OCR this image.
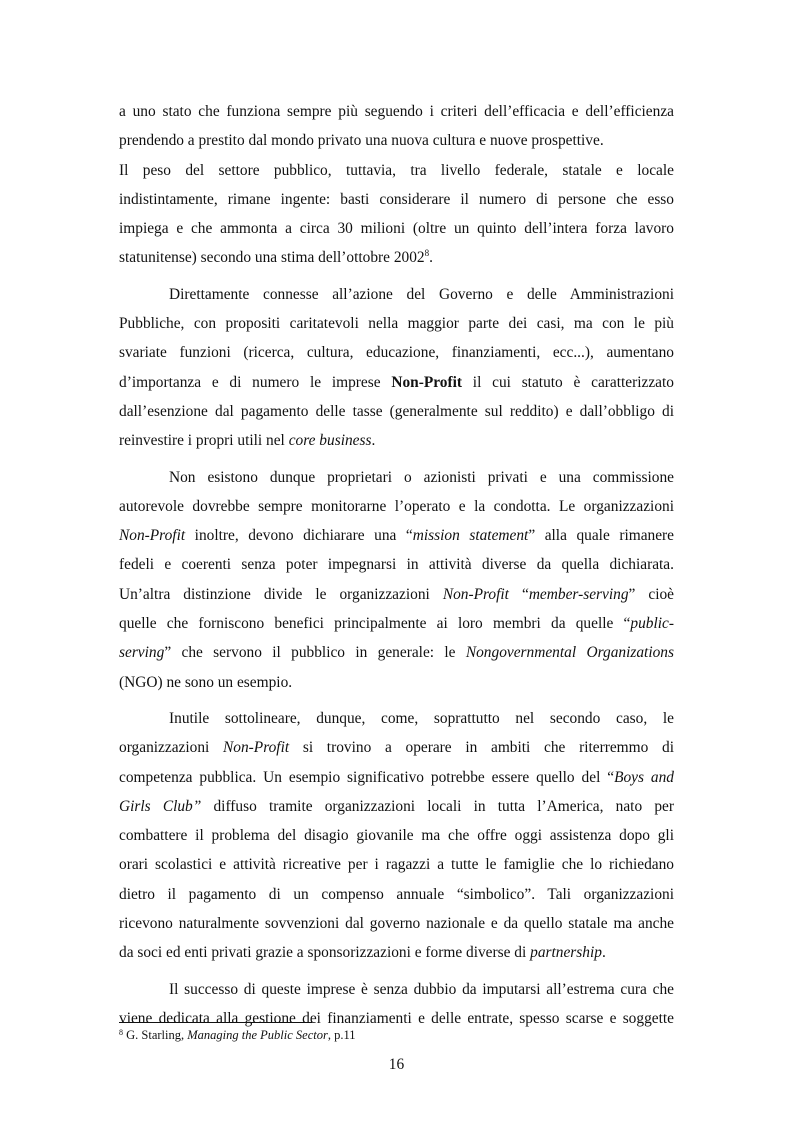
a uno stato che funziona sempre più seguendo i criteri dell’efficacia e dell’efficienza
prendendo a prestito dal mondo privato una nuova cultura e nuove prospettive.
Il peso del settore pubblico, tuttavia, tra livello federale, statale e locale
indistintamente, rimane ingente: basti considerare il numero di persone che esso
impiega e che ammonta a circa 30 milioni (oltre un quinto dell’intera forza lavoro
statunitense) secondo una stima dell’ottobre 2002$^8$.
Direttamente connesse all’azione del Governo e delle Amministrazioni
Pubbliche, con propositi caritatevoli nella maggior parte dei casi, ma con le più
svariate funzioni (ricerca, cultura, educazione, finanziamenti, ecc...), aumentano
d’importanza e di numero le imprese Non-Profit il cui statuto è caratterizzato
dall’esenzione dal pagamento delle tasse (generalmente sul reddito) e dall’obbligo di
reinvestire i propri utili nel core business.
Non esistono dunque proprietari o azionisti privati e una commissione
autorevole dovrebbe sempre monitorarne l’operato e la condotta. Le organizzazioni
Non-Profit inoltre, devono dichiarare una “mission statement” alla quale rimanere
fedeli e coerenti senza poter impegnarsi in attività diverse da quella dichiarata.
Un’altra distinzione divide le organizzazioni Non-Profit “member-serving” cioè
quelle che forniscono benefici principalmente ai loro membri da quelle “public-
serving” che servono il pubblico in generale: le Nongovernmental Organizations
(NGO) ne sono un esempio.
Inutile sottolineare, dunque, come, soprattutto nel secondo caso, le
organizzazioni Non-Profit si trovino a operare in ambiti che riterremmo di
competenza pubblica. Un esempio significativo potrebbe essere quello del “Boys and
Girls Club” diffuso tramite organizzazioni locali in tutta l’America, nato per
combattere il problema del disagio giovanile ma che offre oggi assistenza dopo gli
orari scolastici e attività ricreative per i ragazzi a tutte le famiglie che lo richiedano
dietro il pagamento di un compenso annuale “simbolico”. Tali organizzazioni
ricevono naturalmente sovvenzioni dal governo nazionale e da quello statale ma anche
da soci ed enti privati grazie a sponsorizzazioni e forme diverse di partnership.
Il successo di queste imprese è senza dubbio da imputarsi all’estrema cura che
viene dedicata alla gestione dei finanziamenti e delle entrate, spesso scarse e soggette
$^8$ G. Starling, Managing the Public Sector, p.11
16
